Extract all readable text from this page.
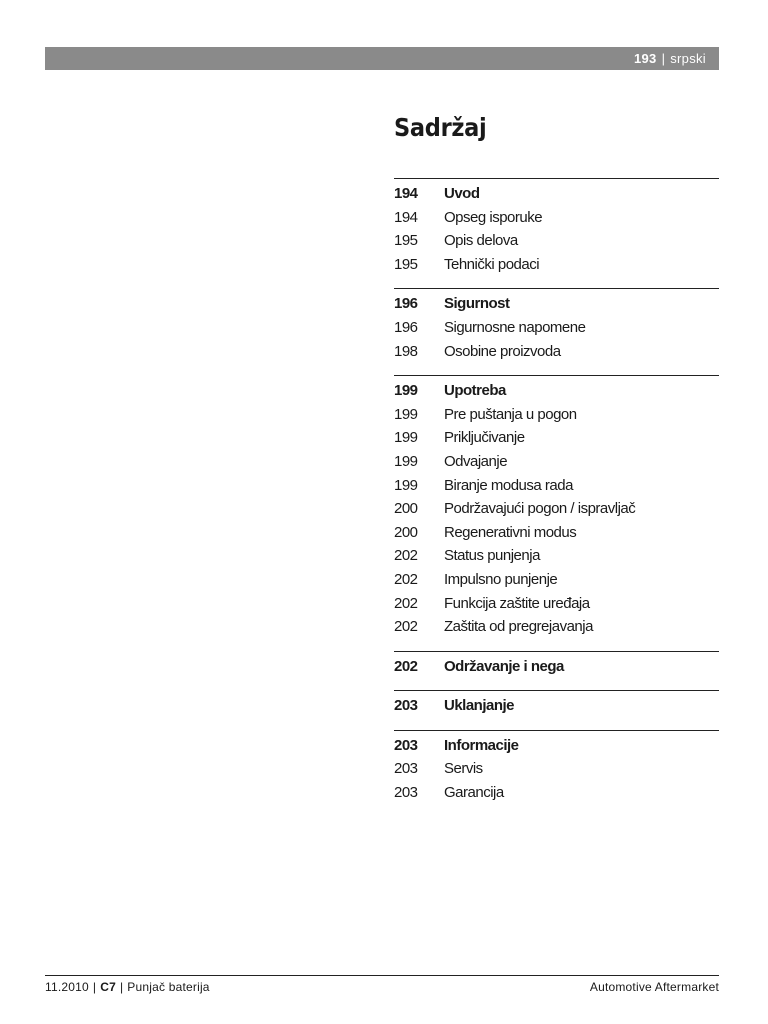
193 | srpski
Sadržaj
194	Uvod
194	Opseg isporuke
195	Opis delova
195	Tehnički podaci
196	Sigurnost
196	Sigurnosne napomene
198	Osobine proizvoda
199	Upotreba
199	Pre puštanja u pogon
199	Priključivanje
199	Odvajanje
199	Biranje modusa rada
200	Podržavajući pogon / ispravljač
200	Regenerativni modus
202	Status punjenja
202	Impulsno punjenje
202	Funkcija zaštite uređaja
202	Zaštita od pregrejavanja
202	Održavanje i nega
203	Uklanjanje
203	Informacije
203	Servis
203	Garancija
11.2010 | C7 | Punjač baterija	Automotive Aftermarket
